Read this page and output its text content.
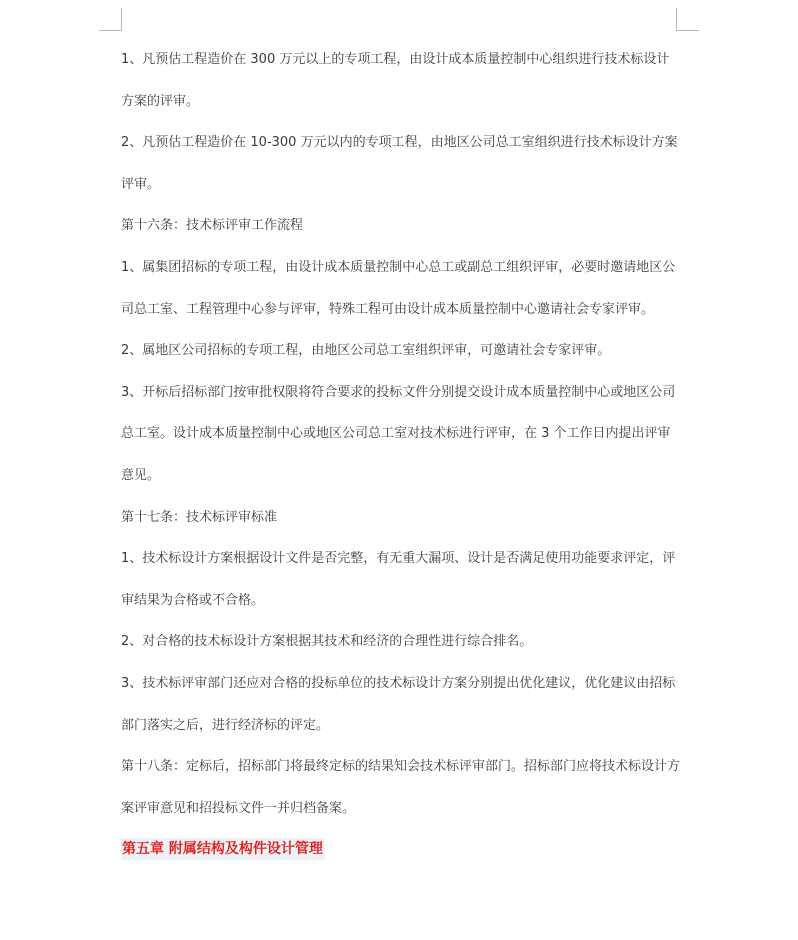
1、凡预估工程造价在 300 万元以上的专项工程，由设计成本质量控制中心组织进行技术标设计方案的评审。

2、凡预估工程造价在 10-300 万元以内的专项工程，由地区公司总工室组织进行技术标设计方案评审。

第十六条：技术标评审工作流程

1、属集团招标的专项工程，由设计成本质量控制中心总工或副总工组织评审，必要时邀请地区公司总工室、工程管理中心参与评审，特殊工程可由设计成本质量控制中心邀请社会专家评审。

2、属地区公司招标的专项工程，由地区公司总工室组织评审，可邀请社会专家评审。

3、开标后招标部门按审批权限将符合要求的投标文件分别提交设计成本质量控制中心或地区公司总工室。设计成本质量控制中心或地区公司总工室对技术标进行评审，在 3 个工作日内提出评审意见。

第十七条：技术标评审标准

1、技术标设计方案根据设计文件是否完整，有无重大漏项、设计是否满足使用功能要求评定，评审结果为合格或不合格。

2、对合格的技术标设计方案根据其技术和经济的合理性进行综合排名。

3、技术标评审部门还应对合格的投标单位的技术标设计方案分别提出优化建议，优化建议由招标部门落实之后，进行经济标的评定。

第十八条：定标后，招标部门将最终定标的结果知会技术标评审部门。招标部门应将技术标设计方案评审意见和招投标文件一并归档备案。

第五章 附属结构及构件设计管理
